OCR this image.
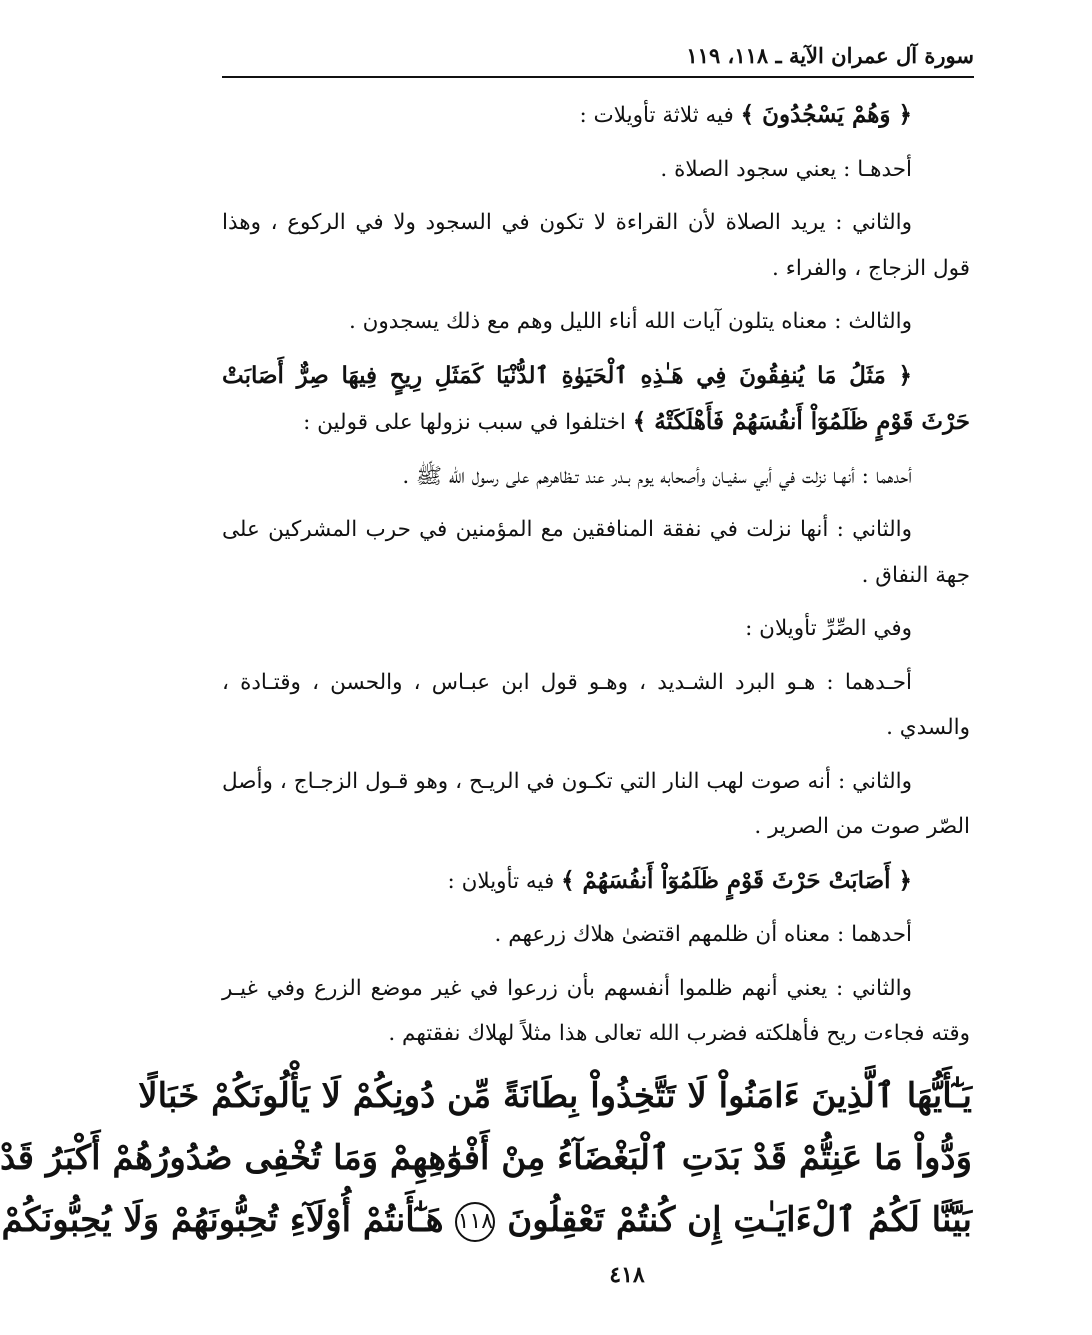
سورة آل عمران الآية ـ ١١٨، ١١٩

﴿ وَهُمْ يَسْجُدُونَ ﴾ فيه ثلاثة تأويلات :

أحدهـا : يعني سجود الصلاة .

والثاني : يريد الصلاة لأن القراءة لا تكون في السجود ولا في الركوع ، وهذا قول الزجاج ، والفراء .

والثالث : معناه يتلون آيات الله أناء الليل وهم مع ذلك يسجدون .

﴿ مَثَلُ مَا يُنفِقُونَ فِي هَـٰذِهِ ٱلْحَيَوٰةِ ٱلدُّنْيَا كَمَثَلِ رِيحٍ فِيهَا صِرٌّ أَصَابَتْ حَرْثَ قَوْمٍ ظَلَمُوٓاْ أَنفُسَهُمْ فَأَهْلَكَتْهُ ﴾ اختلفوا في سبب نزولها على قولين :

أحدهما : أنهـا نزلت في أبي سفيـان وأصحابه يوم بـدر عند تـظاهرهم على رسول الله ﷺ .

والثاني : أنها نزلت في نفقة المنافقين مع المؤمنين في حرب المشركين على جهة النفاق .

وفي الصِّرِّ تأويلان :

أحـدهما : هـو البرد الشـديد ، وهـو قول ابن عبـاس ، والحسن ، وقتـادة ، والسدي .

والثاني : أنه صوت لهب النار التي تكـون في الريـح ، وهو قـول الزجـاج ، وأصل الصّر صوت من الصرير .

﴿ أَصَابَتْ حَرْثَ قَوْمٍ ظَلَمُوٓاْ أَنفُسَهُمْ ﴾ فيه تأويلان :

أحدهما : معناه أن ظلمهم اقتضىٰ هلاك زرعهم .

والثاني : يعني أنهم ظلموا أنفسهم بأن زرعوا في غير موضع الزرع وفي غيـر وقته فجاءت ريح فأهلكته فضرب الله تعالى هذا مثلاً لهلاك نفقتهم .

يَـٰٓأَيُّهَا ٱلَّذِينَ ءَامَنُواْ لَا تَتَّخِذُواْ بِطَانَةً مِّن دُونِكُمْ لَا يَأْلُونَكُمْ خَبَالًا
وَدُّواْ مَا عَنِتُّمْ قَدْ بَدَتِ ٱلْبَغْضَآءُ مِنْ أَفْوَٰهِهِمْ وَمَا تُخْفِى صُدُورُهُمْ أَكْبَرُ قَدْ
بَيَّنَّا لَكُمُ ٱلْءَايَـٰتِ إِن كُنتُمْ تَعْقِلُونَ ١١٨ هَـٰٓأَنتُمْ أُوْلَآءِ تُحِبُّونَهُمْ وَلَا يُحِبُّونَكُمْ
٤١٨
